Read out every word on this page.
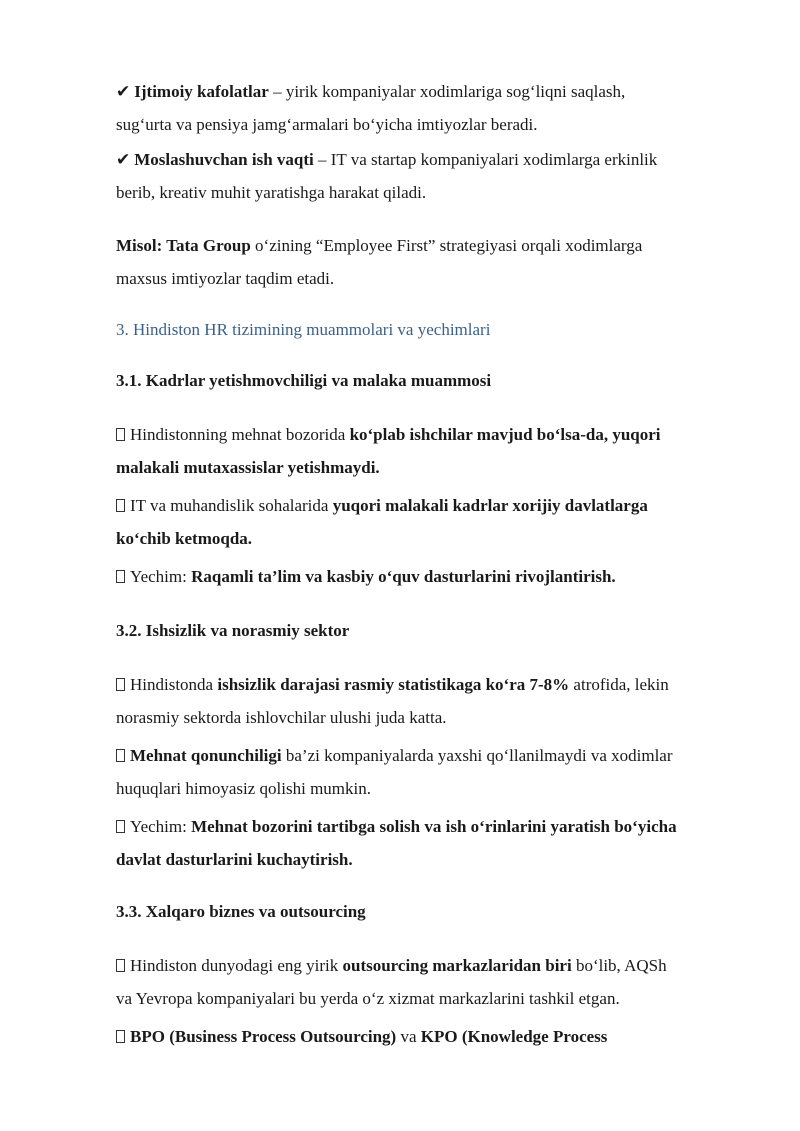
✔ Ijtimoiy kafolatlar – yirik kompaniyalar xodimlariga sog‘liqni saqlash,

sug‘urta va pensiya jamg‘armalari bo‘yicha imtiyozlar beradi.

✔ Moslashuvchan ish vaqti – IT va startap kompaniyalari xodimlarga erkinlik

berib, kreativ muhit yaratishga harakat qiladi.

Misol: Tata Group o‘zining “Employee First” strategiyasi orqali xodimlarga

maxsus imtiyozlar taqdim etadi.

3. Hindiston HR tizimining muammolari va yechimlari

3.1. Kadrlar yetishmovchiligi va malaka muammosi

Hindistonning mehnat bozorida ko‘plab ishchilar mavjud bo‘lsa-da, yuqori

malakali mutaxassislar yetishmaydi.

IT va muhandislik sohalarida yuqori malakali kadrlar xorijiy davlatlarga

ko‘chib ketmoqda.

Yechim: Raqamli ta’lim va kasbiy o‘quv dasturlarini rivojlantirish.

3.2. Ishsizlik va norasmiy sektor

Hindistonda ishsizlik darajasi rasmiy statistikaga ko‘ra 7-8% atrofida, lekin

norasmiy sektorda ishlovchilar ulushi juda katta.

Mehnat qonunchiligi ba’zi kompaniyalarda yaxshi qo‘llanilmaydi va xodimlar

huquqlari himoyasiz qolishi mumkin.

Yechim: Mehnat bozorini tartibga solish va ish o‘rinlarini yaratish bo‘yicha

davlat dasturlarini kuchaytirish.

3.3. Xalqaro biznes va outsourcing

Hindiston dunyodagi eng yirik outsourcing markazlaridan biri bo‘lib, AQSh

va Yevropa kompaniyalari bu yerda o‘z xizmat markazlarini tashkil etgan.

BPO (Business Process Outsourcing) va KPO (Knowledge Process
